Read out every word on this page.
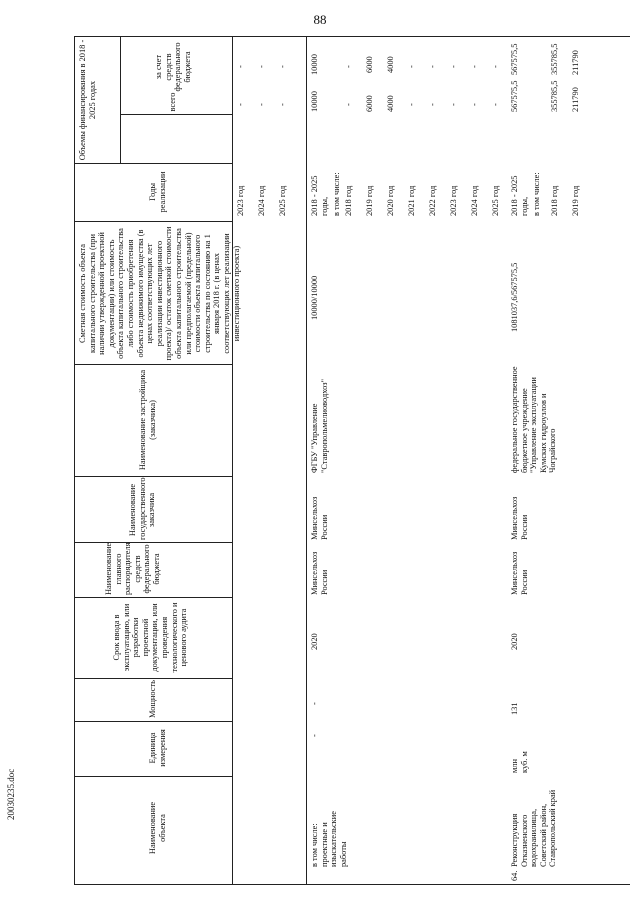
88
Наименование объекта
Единица измерения
Мощность
Срок ввода в эксплуатацию, или разработки проектной документации, или проведения технологического и ценового аудита
Наименование главного распорядителя средств федерального бюджета
Наименование государственного заказчика
Наименование застройщика (заказчика)
Сметная стоимость объекта капитального строительства (при наличии утвержденной проектной документации) или стоимость объекта капитального строительства либо стоимость приобретения объекта недвижимого имущества (в ценах соответствующих лет реализации инвестиционного проекта)/ остаток сметной стоимости объекта капитального строительства или предполагаемой (предельной) стоимости объекта капитального строительства по состоянию на 1 января 2018 г. (в ценах соответствующих лет реализации инвестиционного проекта)
Годы реализации
Объемы финансирования в 2018 - 2025 годах	всего
за счет средств федерального бюджета
2023 год
-
-
2024 год
-
-
2025 год
-
-
в том числе: проектные и изыскательские работы
-
-
2020
Минсельхоз России
Минсельхоз России
ФГБУ "Управление "Ставропольмелиоводхоз"
10000/10000
2018 - 2025 годы, в том числе:
10000
10000
2018 год
-
-
2019 год
6000
6000
2020 год
4000
4000
2021 год
-
-
2022 год
-
-
2023 год
-
-
2024 год
-
-
2025 год
-
-
64.
Реконструкция Отказненского водохранилища, Советский район, Ставропольский край
млн куб. м
131
2020
Минсельхоз России
Минсельхоз России
федеральное государственное бюджетное учреждение "Управление эксплуатации Кумских гидроузлов и Чограйского
1081037,6/567575,5
2018 - 2025 годы, в том числе:
567575,5
567575,5
2018 год
355785,5
355785,5
2019 год
211790
211790
20030235.doc
